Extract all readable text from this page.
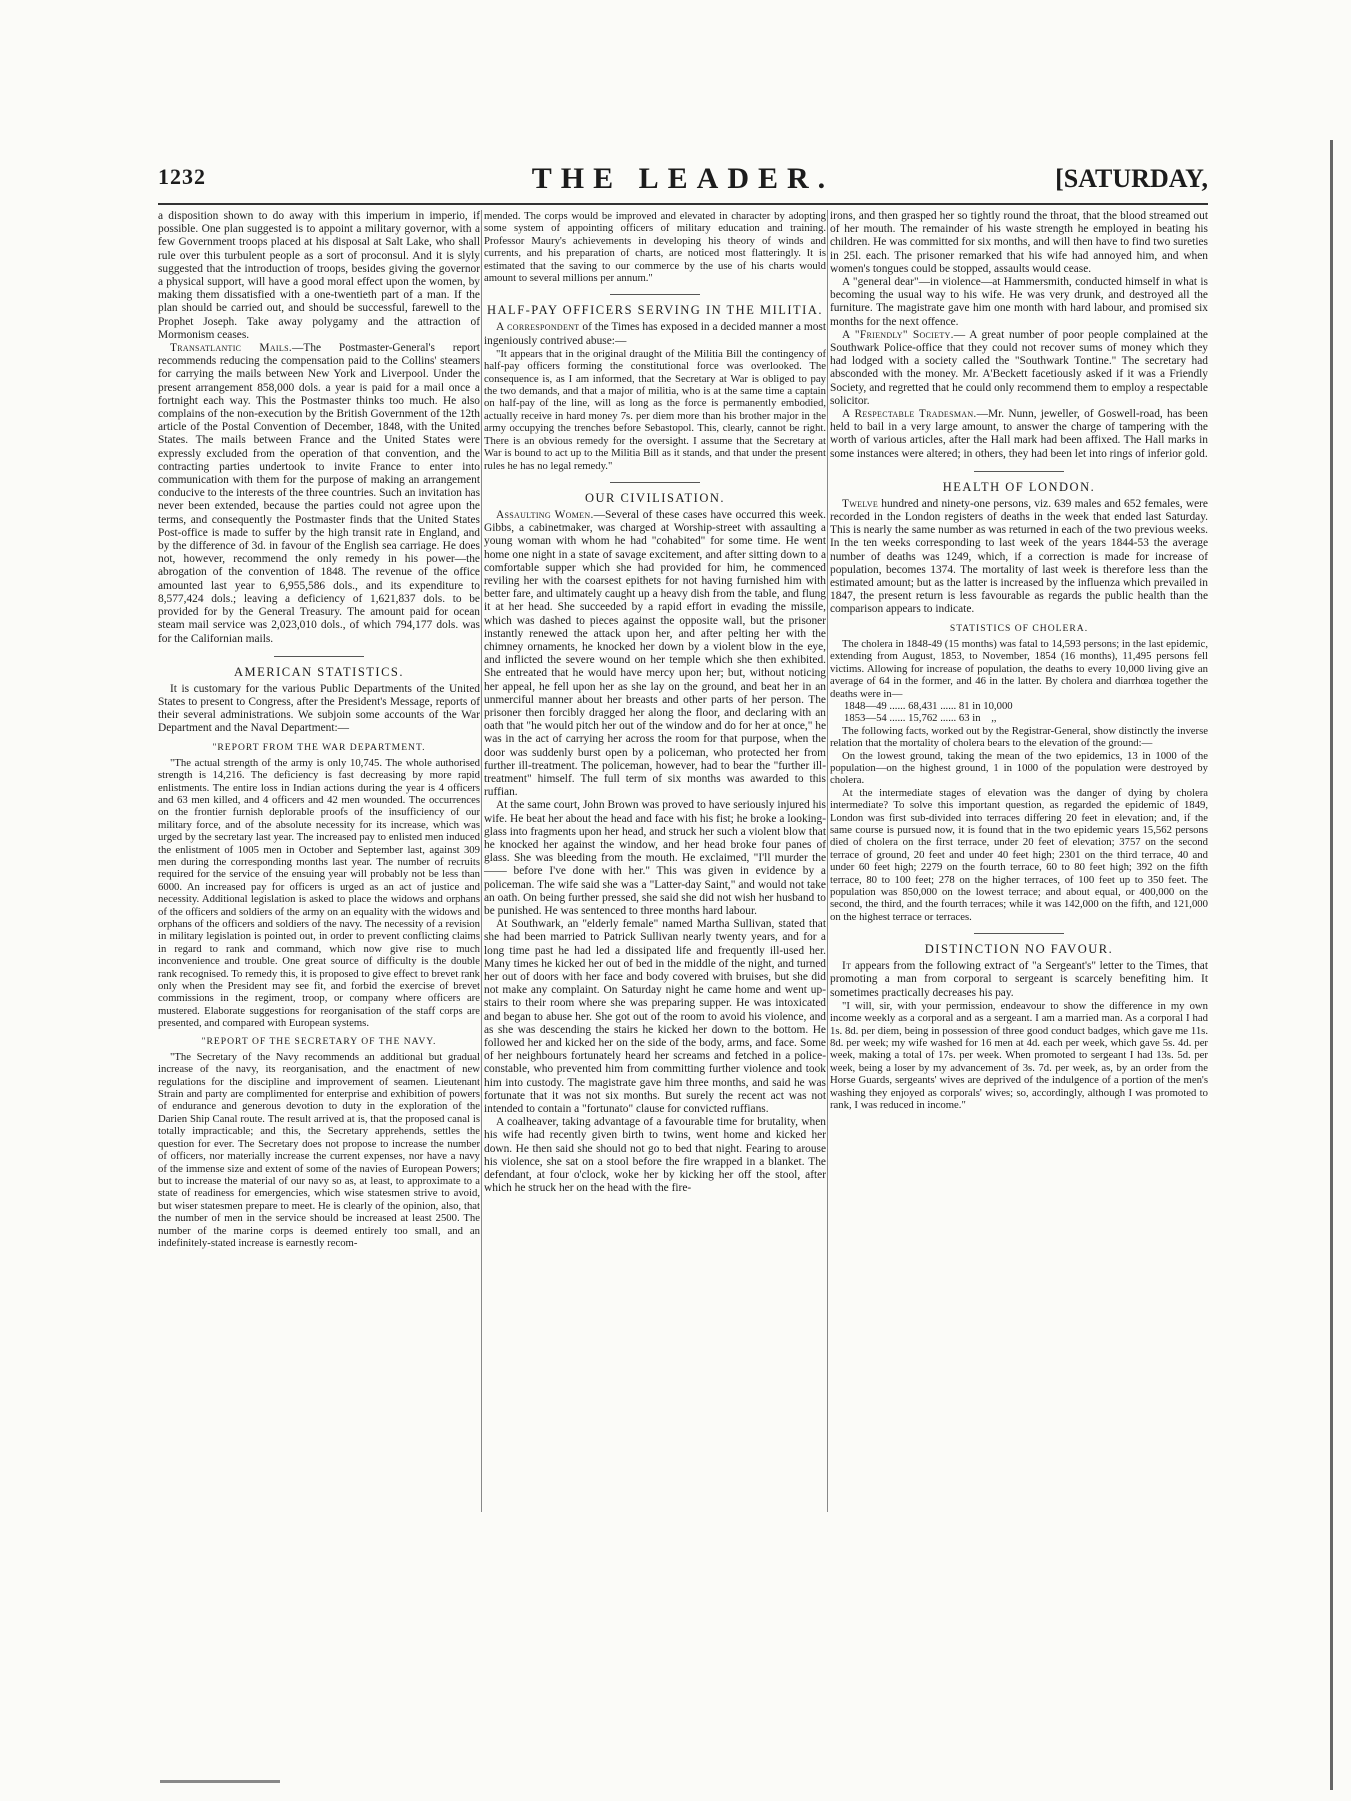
1232	THE LEADER.	[SATURDAY,

a disposition shown to do away with this imperium in imperio, if possible. One plan suggested is to appoint a military governor, with a few Government troops placed at his disposal at Salt Lake, who shall rule over this turbulent people as a sort of proconsul. And it is slyly suggested that the introduction of troops, besides giving the governor a physical support, will have a good moral effect upon the women, by making them dissatisfied with a one-twentieth part of a man. If the plan should be carried out, and should be successful, farewell to the Prophet Joseph. Take away polygamy and the attraction of Mormonism ceases.

Transatlantic Mails.—The Postmaster-General's report recommends reducing the compensation paid to the Collins' steamers for carrying the mails between New York and Liverpool. Under the present arrangement 858,000 dols. a year is paid for a mail once a fortnight each way. This the Postmaster thinks too much. He also complains of the non-execution by the British Government of the 12th article of the Postal Convention of December, 1848, with the United States. The mails between France and the United States were expressly excluded from the operation of that convention, and the contracting parties undertook to invite France to enter into communication with them for the purpose of making an arrangement conducive to the interests of the three countries. Such an invitation has never been extended, because the parties could not agree upon the terms, and consequently the Postmaster finds that the United States Post-office is made to suffer by the high transit rate in England, and by the difference of 3d. in favour of the English sea carriage. He does not, however, recommend the only remedy in his power—the abrogation of the convention of 1848. The revenue of the office amounted last year to 6,955,586 dols., and its expenditure to 8,577,424 dols.; leaving a deficiency of 1,621,837 dols. to be provided for by the General Treasury. The amount paid for ocean steam mail service was 2,023,010 dols., of which 794,177 dols. was for the Californian mails.

AMERICAN STATISTICS.

It is customary for the various Public Departments of the United States to present to Congress, after the President's Message, reports of their several administrations. We subjoin some accounts of the War Department and the Naval Department:—

"REPORT FROM THE WAR DEPARTMENT.

"The actual strength of the army is only 10,745. The whole authorised strength is 14,216. The deficiency is fast decreasing by more rapid enlistments. The entire loss in Indian actions during the year is 4 officers and 63 men killed, and 4 officers and 42 men wounded. The occurrences on the frontier furnish deplorable proofs of the insufficiency of our military force, and of the absolute necessity for its increase, which was urged by the secretary last year. The increased pay to enlisted men induced the enlistment of 1005 men in October and September last, against 309 men during the corresponding months last year. The number of recruits required for the service of the ensuing year will probably not be less than 6000. An increased pay for officers is urged as an act of justice and necessity. Additional legislation is asked to place the widows and orphans of the officers and soldiers of the army on an equality with the widows and orphans of the officers and soldiers of the navy. The necessity of a revision in military legislation is pointed out, in order to prevent conflicting claims in regard to rank and command, which now give rise to much inconvenience and trouble. One great source of difficulty is the double rank recognised. To remedy this, it is proposed to give effect to brevet rank only when the President may see fit, and forbid the exercise of brevet commissions in the regiment, troop, or company where officers are mustered. Elaborate suggestions for reorganisation of the staff corps are presented, and compared with European systems.

"REPORT OF THE SECRETARY OF THE NAVY.

"The Secretary of the Navy recommends an additional but gradual increase of the navy, its reorganisation, and the enactment of new regulations for the discipline and improvement of seamen. Lieutenant Strain and party are complimented for enterprise and exhibition of powers of endurance and generous devotion to duty in the exploration of the Darien Ship Canal route. The result arrived at is, that the proposed canal is totally impracticable; and this, the Secretary apprehends, settles the question for ever. The Secretary does not propose to increase the number of officers, nor materially increase the current expenses, nor have a navy of the immense size and extent of some of the navies of European Powers; but to increase the material of our navy so as, at least, to approximate to a state of readiness for emergencies, which wise statesmen strive to avoid, but wiser statesmen prepare to meet. He is clearly of the opinion, also, that the number of men in the service should be increased at least 2500. The number of the marine corps is deemed entirely too small, and an indefinitely-stated increase is earnestly recom-

mended. The corps would be improved and elevated in character by adopting some system of appointing officers of military education and training. Professor Maury's achievements in developing his theory of winds and currents, and his preparation of charts, are noticed most flatteringly. It is estimated that the saving to our commerce by the use of his charts would amount to several millions per annum."

HALF-PAY OFFICERS SERVING IN THE MILITIA.

A correspondent of the Times has exposed in a decided manner a most ingeniously contrived abuse:—

"It appears that in the original draught of the Militia Bill the contingency of half-pay officers forming the constitutional force was overlooked. The consequence is, as I am informed, that the Secretary at War is obliged to pay the two demands, and that a major of militia, who is at the same time a captain on half-pay of the line, will as long as the force is permanently embodied, actually receive in hard money 7s. per diem more than his brother major in the army occupying the trenches before Sebastopol. This, clearly, cannot be right. There is an obvious remedy for the oversight. I assume that the Secretary at War is bound to act up to the Militia Bill as it stands, and that under the present rules he has no legal remedy."

OUR CIVILISATION.

Assaulting Women.—Several of these cases have occurred this week. Gibbs, a cabinetmaker, was charged at Worship-street with assaulting a young woman with whom he had "cohabited" for some time. He went home one night in a state of savage excitement, and after sitting down to a comfortable supper which she had provided for him, he commenced reviling her with the coarsest epithets for not having furnished him with better fare, and ultimately caught up a heavy dish from the table, and flung it at her head. She succeeded by a rapid effort in evading the missile, which was dashed to pieces against the opposite wall, but the prisoner instantly renewed the attack upon her, and after pelting her with the chimney ornaments, he knocked her down by a violent blow in the eye, and inflicted the severe wound on her temple which she then exhibited. She entreated that he would have mercy upon her; but, without noticing her appeal, he fell upon her as she lay on the ground, and beat her in an unmerciful manner about her breasts and other parts of her person. The prisoner then forcibly dragged her along the floor, and declaring with an oath that "he would pitch her out of the window and do for her at once," he was in the act of carrying her across the room for that purpose, when the door was suddenly burst open by a policeman, who protected her from further ill-treatment. The policeman, however, had to bear the "further ill-treatment" himself. The full term of six months was awarded to this ruffian.

At the same court, John Brown was proved to have seriously injured his wife. He beat her about the head and face with his fist; he broke a looking-glass into fragments upon her head, and struck her such a violent blow that he knocked her against the window, and her head broke four panes of glass. She was bleeding from the mouth. He exclaimed, "I'll murder the —— before I've done with her." This was given in evidence by a policeman. The wife said she was a "Latter-day Saint," and would not take an oath. On being further pressed, she said she did not wish her husband to be punished. He was sentenced to three months hard labour.

At Southwark, an "elderly female" named Martha Sullivan, stated that she had been married to Patrick Sullivan nearly twenty years, and for a long time past he had led a dissipated life and frequently ill-used her. Many times he kicked her out of bed in the middle of the night, and turned her out of doors with her face and body covered with bruises, but she did not make any complaint. On Saturday night he came home and went up-stairs to their room where she was preparing supper. He was intoxicated and began to abuse her. She got out of the room to avoid his violence, and as she was descending the stairs he kicked her down to the bottom. He followed her and kicked her on the side of the body, arms, and face. Some of her neighbours fortunately heard her screams and fetched in a police-constable, who prevented him from committing further violence and took him into custody. The magistrate gave him three months, and said he was fortunate that it was not six months. But surely the recent act was not intended to contain a "fortunato" clause for convicted ruffians.

A coalheaver, taking advantage of a favourable time for brutality, when his wife had recently given birth to twins, went home and kicked her down. He then said she should not go to bed that night. Fearing to arouse his violence, she sat on a stool before the fire wrapped in a blanket. The defendant, at four o'clock, woke her by kicking her off the stool, after which he struck her on the head with the fire-

irons, and then grasped her so tightly round the throat, that the blood streamed out of her mouth. The remainder of his waste strength he employed in beating his children. He was committed for six months, and will then have to find two sureties in 25l. each. The prisoner remarked that his wife had annoyed him, and when women's tongues could be stopped, assaults would cease.

A "general dear"—in violence—at Hammersmith, conducted himself in what is becoming the usual way to his wife. He was very drunk, and destroyed all the furniture. The magistrate gave him one month with hard labour, and promised six months for the next offence.

A "Friendly" Society.— A great number of poor people complained at the Southwark Police-office that they could not recover sums of money which they had lodged with a society called the "Southwark Tontine." The secretary had absconded with the money. Mr. A'Beckett facetiously asked if it was a Friendly Society, and regretted that he could only recommend them to employ a respectable solicitor.

A Respectable Tradesman.—Mr. Nunn, jeweller, of Goswell-road, has been held to bail in a very large amount, to answer the charge of tampering with the worth of various articles, after the Hall mark had been affixed. The Hall marks in some instances were altered; in others, they had been let into rings of inferior gold.

HEALTH OF LONDON.

Twelve hundred and ninety-one persons, viz. 639 males and 652 females, were recorded in the London registers of deaths in the week that ended last Saturday. This is nearly the same number as was returned in each of the two previous weeks. In the ten weeks corresponding to last week of the years 1844-53 the average number of deaths was 1249, which, if a correction is made for increase of population, becomes 1374. The mortality of last week is therefore less than the estimated amount; but as the latter is increased by the influenza which prevailed in 1847, the present return is less favourable as regards the public health than the comparison appears to indicate.

STATISTICS OF CHOLERA.

The cholera in 1848-49 (15 months) was fatal to 14,593 persons; in the last epidemic, extending from August, 1853, to November, 1854 (16 months), 11,495 persons fell victims. Allowing for increase of population, the deaths to every 10,000 living give an average of 64 in the former, and 46 in the latter. By cholera and diarrhœa together the deaths were in—

1848—49 ...... 68,431 ...... 81 in 10,000
1853—54 ...... 15,762 ...... 63 in    ,,

The following facts, worked out by the Registrar-General, show distinctly the inverse relation that the mortality of cholera bears to the elevation of the ground:—

On the lowest ground, taking the mean of the two epidemics, 13 in 1000 of the population—on the highest ground, 1 in 1000 of the population were destroyed by cholera.

At the intermediate stages of elevation was the danger of dying by cholera intermediate? To solve this important question, as regarded the epidemic of 1849, London was first sub-divided into terraces differing 20 feet in elevation; and, if the same course is pursued now, it is found that in the two epidemic years 15,562 persons died of cholera on the first terrace, under 20 feet of elevation; 3757 on the second terrace of ground, 20 feet and under 40 feet high; 2301 on the third terrace, 40 and under 60 feet high; 2279 on the fourth terrace, 60 to 80 feet high; 392 on the fifth terrace, 80 to 100 feet; 278 on the higher terraces, of 100 feet up to 350 feet. The population was 850,000 on the lowest terrace; and about equal, or 400,000 on the second, the third, and the fourth terraces; while it was 142,000 on the fifth, and 121,000 on the highest terrace or terraces.

DISTINCTION NO FAVOUR.

It appears from the following extract of "a Sergeant's" letter to the Times, that promoting a man from corporal to sergeant is scarcely benefiting him. It sometimes practically decreases his pay.

"I will, sir, with your permission, endeavour to show the difference in my own income weekly as a corporal and as a sergeant. I am a married man. As a corporal I had 1s. 8d. per diem, being in possession of three good conduct badges, which gave me 11s. 8d. per week; my wife washed for 16 men at 4d. each per week, which gave 5s. 4d. per week, making a total of 17s. per week. When promoted to sergeant I had 13s. 5d. per week, being a loser by my advancement of 3s. 7d. per week, as, by an order from the Horse Guards, sergeants' wives are deprived of the indulgence of a portion of the men's washing they enjoyed as corporals' wives; so, accordingly, although I was promoted to rank, I was reduced in income."
